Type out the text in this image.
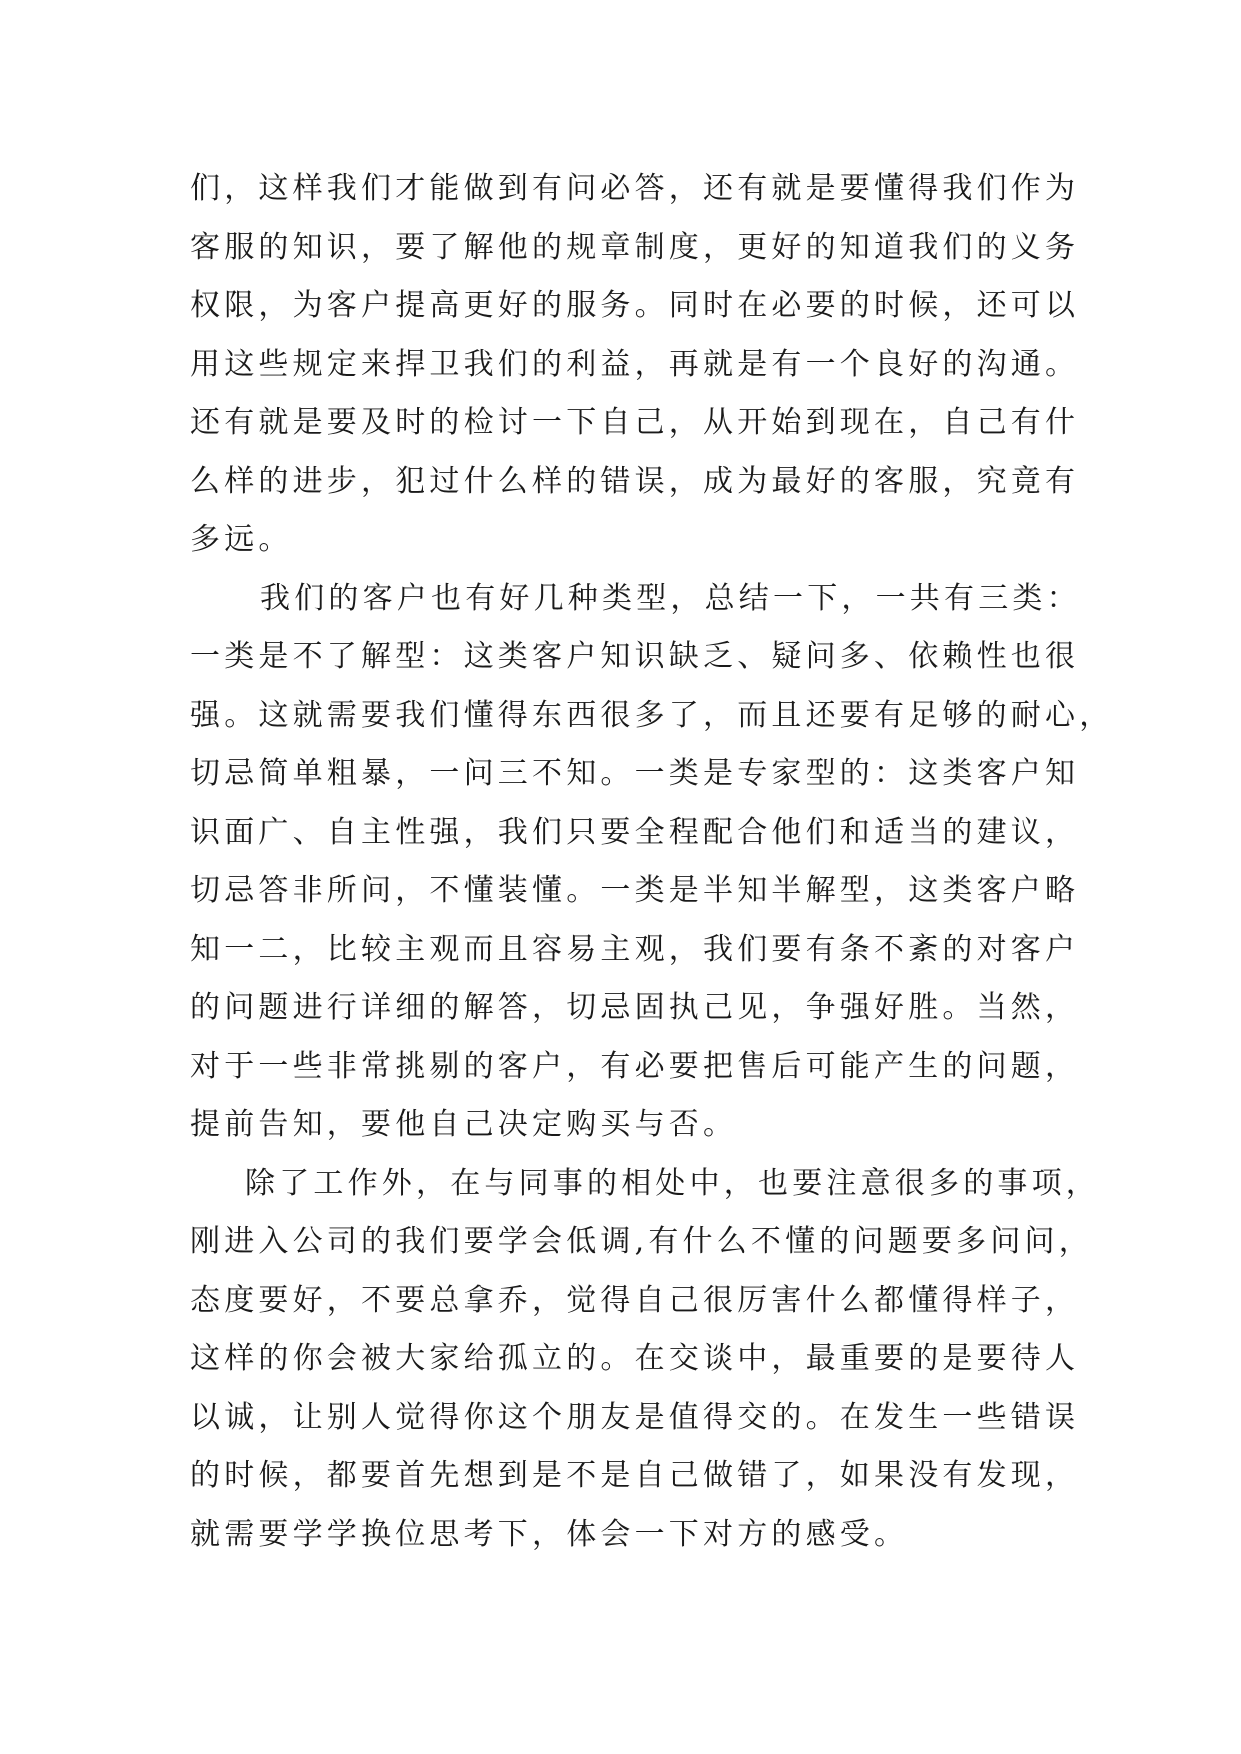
们，这样我们才能做到有问必答，还有就是要懂得我们作为
客服的知识，要了解他的规章制度，更好的知道我们的义务
权限，为客户提高更好的服务。同时在必要的时候，还可以
用这些规定来捍卫我们的利益，再就是有一个良好的沟通。
还有就是要及时的检讨一下自己，从开始到现在，自己有什
么样的进步，犯过什么样的错误，成为最好的客服，究竟有
多远。
我们的客户也有好几种类型，总结一下，一共有三类：
一类是不了解型：这类客户知识缺乏、疑问多、依赖性也很
强。这就需要我们懂得东西很多了，而且还要有足够的耐心，
切忌简单粗暴，一问三不知。一类是专家型的：这类客户知
识面广、自主性强，我们只要全程配合他们和适当的建议，
切忌答非所问，不懂装懂。一类是半知半解型，这类客户略
知一二，比较主观而且容易主观，我们要有条不紊的对客户
的问题进行详细的解答，切忌固执己见，争强好胜。当然，
对于一些非常挑剔的客户，有必要把售后可能产生的问题，
提前告知，要他自己决定购买与否。
除了工作外，在与同事的相处中，也要注意很多的事项，
刚进入公司的我们要学会低调,有什么不懂的问题要多问问，
态度要好，不要总拿乔，觉得自己很厉害什么都懂得样子，
这样的你会被大家给孤立的。在交谈中，最重要的是要待人
以诚，让别人觉得你这个朋友是值得交的。在发生一些错误
的时候，都要首先想到是不是自己做错了，如果没有发现，
就需要学学换位思考下，体会一下对方的感受。
